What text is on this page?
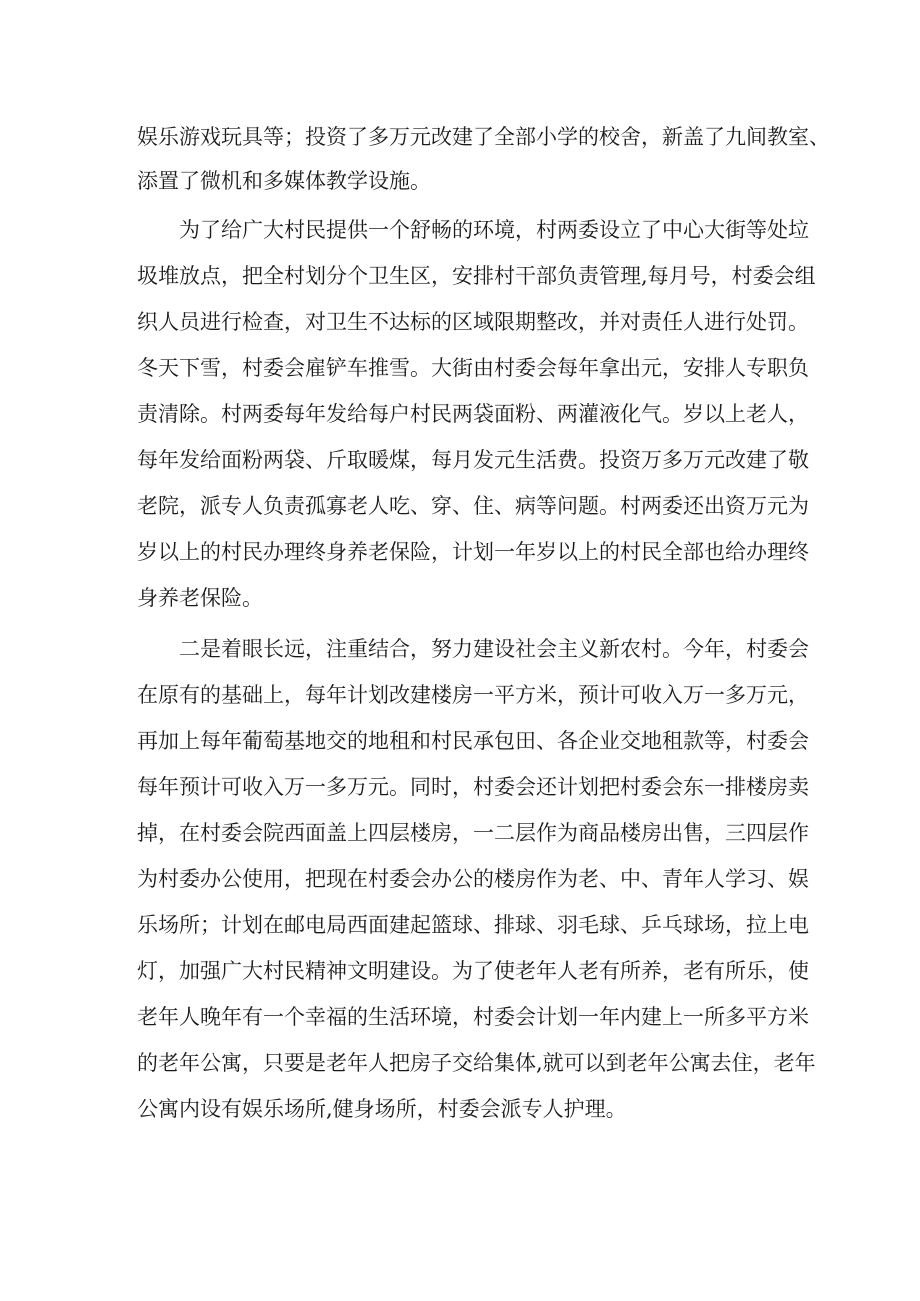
娱乐游戏玩具等；投资了多万元改建了全部小学的校舍，新盖了九间教室、
添置了微机和多媒体教学设施。
为了给广大村民提供一个舒畅的环境，村两委设立了中心大街等处垃
圾堆放点，把全村划分个卫生区，安排村干部负责管理,每月号，村委会组
织人员进行检查，对卫生不达标的区域限期整改，并对责任人进行处罚。
冬天下雪，村委会雇铲车推雪。大街由村委会每年拿出元，安排人专职负
责清除。村两委每年发给每户村民两袋面粉、两灌液化气。岁以上老人，
每年发给面粉两袋、斤取暖煤，每月发元生活费。投资万多万元改建了敬
老院，派专人负责孤寡老人吃、穿、住、病等问题。村两委还出资万元为
岁以上的村民办理终身养老保险，计划一年岁以上的村民全部也给办理终
身养老保险。
二是着眼长远，注重结合，努力建设社会主义新农村。今年，村委会
在原有的基础上，每年计划改建楼房一平方米，预计可收入万一多万元，
再加上每年葡萄基地交的地租和村民承包田、各企业交地租款等，村委会
每年预计可收入万一多万元。同时，村委会还计划把村委会东一排楼房卖
掉，在村委会院西面盖上四层楼房，一二层作为商品楼房出售，三四层作
为村委办公使用，把现在村委会办公的楼房作为老、中、青年人学习、娱
乐场所；计划在邮电局西面建起篮球、排球、羽毛球、乒乓球场，拉上电
灯，加强广大村民精神文明建设。为了使老年人老有所养，老有所乐，使
老年人晚年有一个幸福的生活环境，村委会计划一年内建上一所多平方米
的老年公寓，只要是老年人把房子交给集体,就可以到老年公寓去住，老年
公寓内设有娱乐场所,健身场所，村委会派专人护理。
